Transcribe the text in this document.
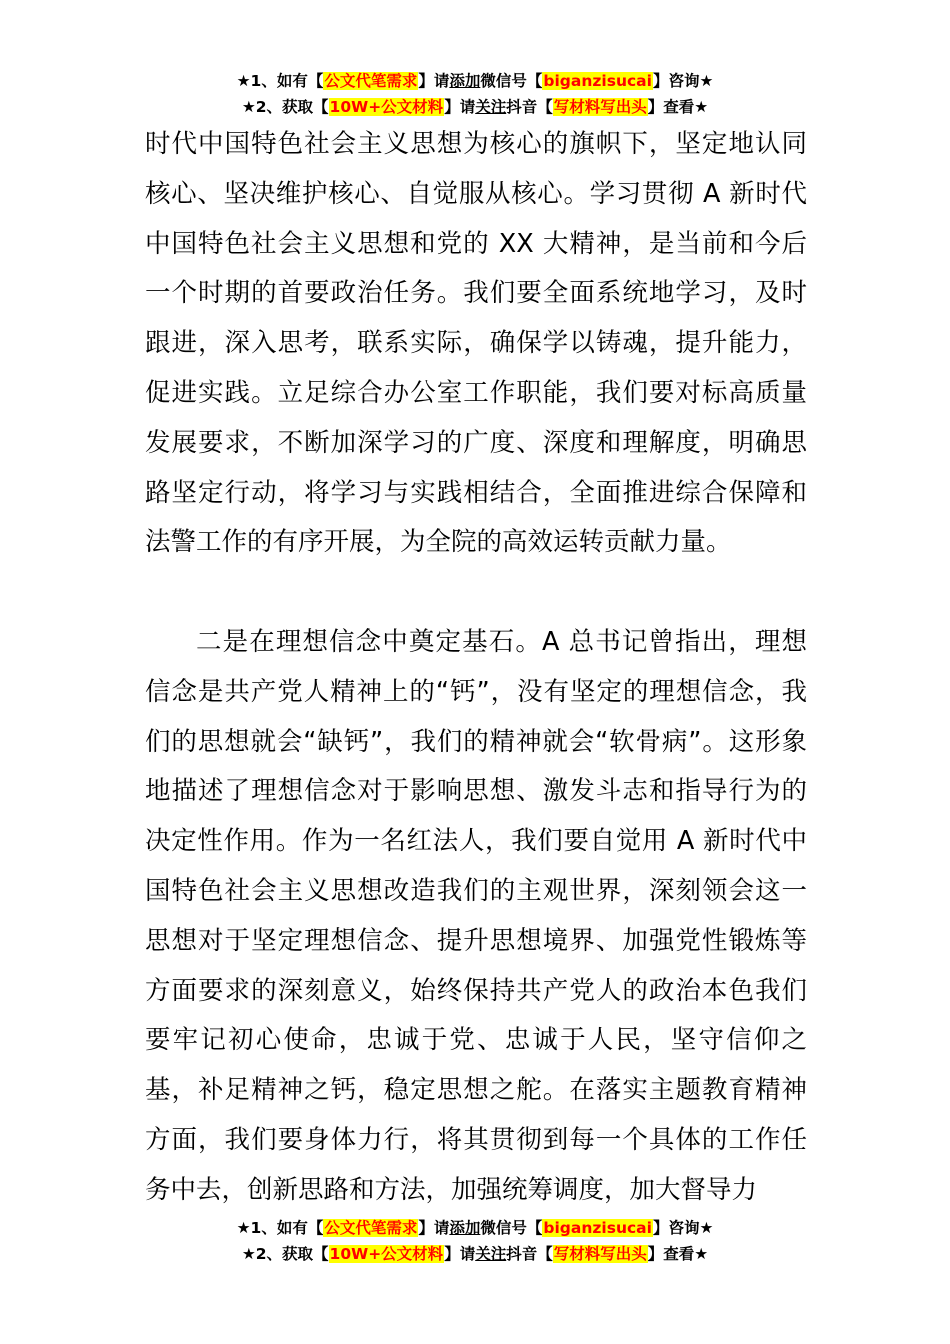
★1、如有【公文代笔需求】请添加微信号【biganzisucai】咨询★
★2、获取【10W+公文材料】请关注抖音【写材料写出头】查看★

时代中国特色社会主义思想为核心的旗帜下，坚定地认同核心、坚决维护核心、自觉服从核心。学习贯彻 A 新时代中国特色社会主义思想和党的 XX 大精神，是当前和今后一个时期的首要政治任务。我们要全面系统地学习，及时跟进，深入思考，联系实际，确保学以铸魂，提升能力，促进实践。立足综合办公室工作职能，我们要对标高质量发展要求，不断加深学习的广度、深度和理解度，明确思路坚定行动，将学习与实践相结合，全面推进综合保障和法警工作的有序开展，为全院的高效运转贡献力量。

二是在理想信念中奠定基石。A 总书记曾指出，理想信念是共产党人精神上的“钙”，没有坚定的理想信念，我们的思想就会“缺钙”，我们的精神就会“软骨病”。这形象地描述了理想信念对于影响思想、激发斗志和指导行为的决定性作用。作为一名红法人，我们要自觉用 A 新时代中国特色社会主义思想改造我们的主观世界，深刻领会这一思想对于坚定理想信念、提升思想境界、加强党性锻炼等方面要求的深刻意义，始终保持共产党人的政治本色我们要牢记初心使命，忠诚于党、忠诚于人民，坚守信仰之基，补足精神之钙，稳定思想之舵。在落实主题教育精神方面，我们要身体力行，将其贯彻到每一个具体的工作任务中去，创新思路和方法，加强统筹调度，加大督导力

★1、如有【公文代笔需求】请添加微信号【biganzisucai】咨询★
★2、获取【10W+公文材料】请关注抖音【写材料写出头】查看★
